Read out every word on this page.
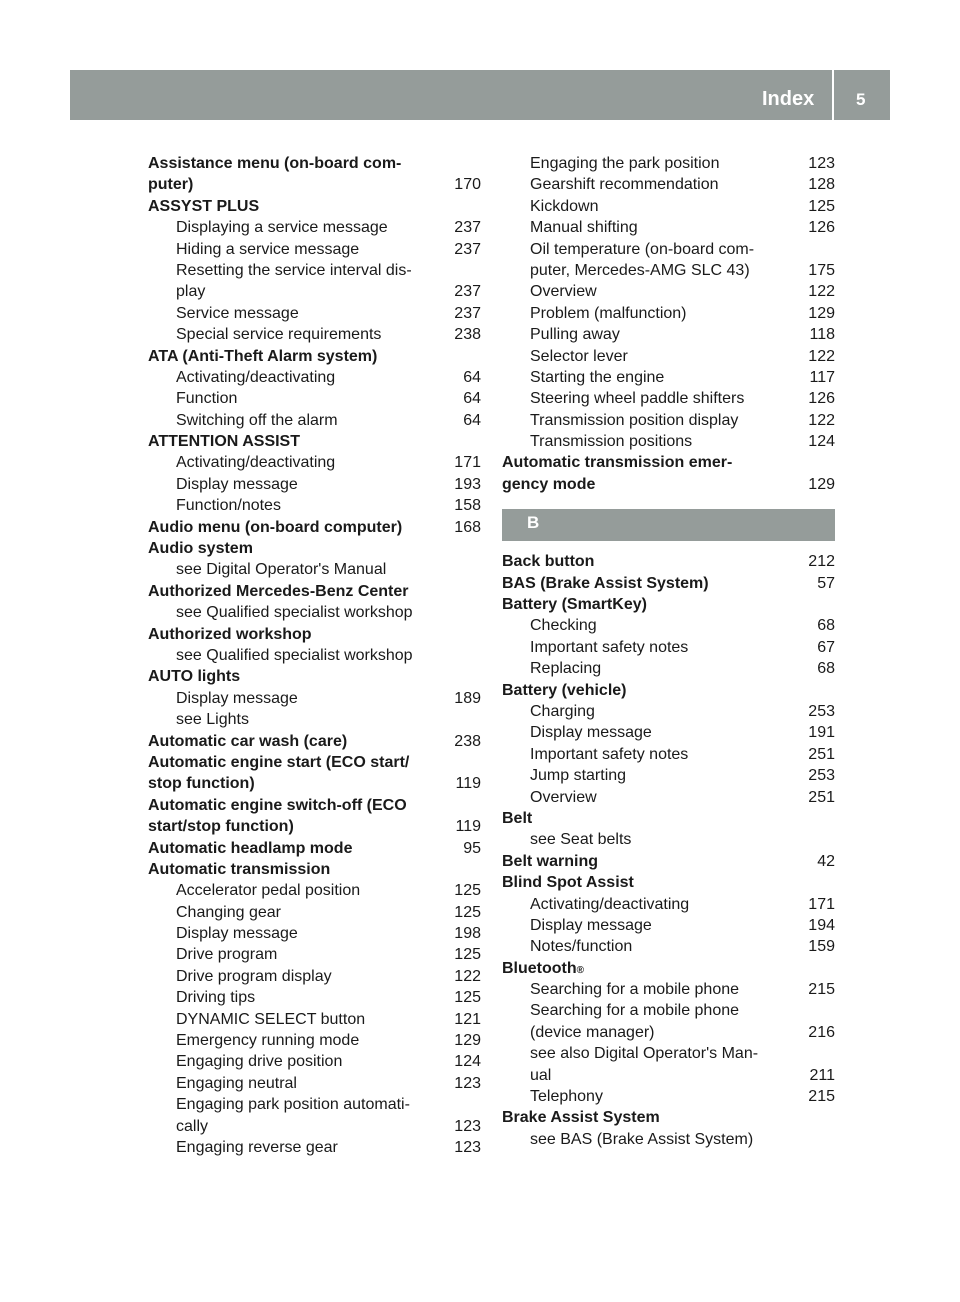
Index 5
Assistance menu (on-board com-
puter)	170
ASSYST PLUS
Displaying a service message	237
Hiding a service message	237
Resetting the service interval dis-
play	237
Service message	237
Special service requirements	238
ATA (Anti-Theft Alarm system)
Activating/deactivating	64
Function	64
Switching off the alarm	64
ATTENTION ASSIST
Activating/deactivating	171
Display message	193
Function/notes	158
Audio menu (on-board computer)	168
Audio system
see Digital Operator's Manual
Authorized Mercedes-Benz Center
see Qualified specialist workshop
Authorized workshop
see Qualified specialist workshop
AUTO lights
Display message	189
see Lights
Automatic car wash (care)	238
Automatic engine start (ECO start/
stop function)	119
Automatic engine switch-off (ECO
start/stop function)	119
Automatic headlamp mode	95
Automatic transmission
Accelerator pedal position	125
Changing gear	125
Display message	198
Drive program	125
Drive program display	122
Driving tips	125
DYNAMIC SELECT button	121
Emergency running mode	129
Engaging drive position	124
Engaging neutral	123
Engaging park position automati-
cally	123
Engaging reverse gear	123
Engaging the park position	123
Gearshift recommendation	128
Kickdown	125
Manual shifting	126
Oil temperature (on-board com-
puter, Mercedes-AMG SLC 43)	175
Overview	122
Problem (malfunction)	129
Pulling away	118
Selector lever	122
Starting the engine	117
Steering wheel paddle shifters	126
Transmission position display	122
Transmission positions	124
Automatic transmission emer-
gency mode	129
B
Back button	212
BAS (Brake Assist System)	57
Battery (SmartKey)
Checking	68
Important safety notes	67
Replacing	68
Battery (vehicle)
Charging	253
Display message	191
Important safety notes	251
Jump starting	253
Overview	251
Belt
see Seat belts
Belt warning	42
Blind Spot Assist
Activating/deactivating	171
Display message	194
Notes/function	159
Bluetooth ®
Searching for a mobile phone	215
Searching for a mobile phone
(device manager)	216
see also Digital Operator's Man-
ual	211
Telephony	215
Brake Assist System
see BAS (Brake Assist System)
